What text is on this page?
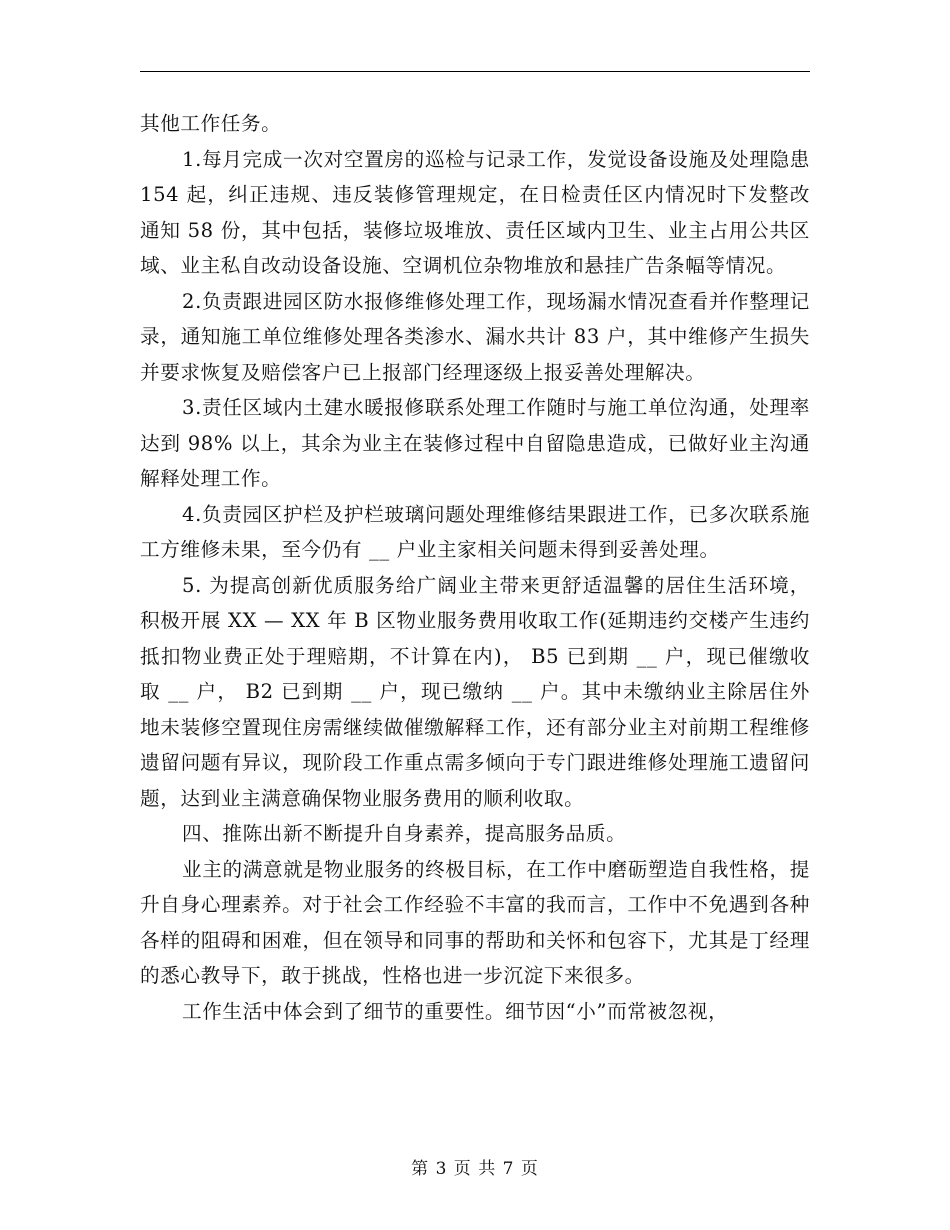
其他工作任务。

1.每月完成一次对空置房的巡检与记录工作，发觉设备设施及处理隐患 154 起，纠正违规、违反装修管理规定，在日检责任区内情况时下发整改通知 58 份，其中包括，装修垃圾堆放、责任区域内卫生、业主占用公共区域、业主私自改动设备设施、空调机位杂物堆放和悬挂广告条幅等情况。

2.负责跟进园区防水报修维修处理工作，现场漏水情况查看并作整理记录，通知施工单位维修处理各类渗水、漏水共计 83 户，其中维修产生损失并要求恢复及赔偿客户已上报部门经理逐级上报妥善处理解决。

3.责任区域内土建水暖报修联系处理工作随时与施工单位沟通，处理率达到 98% 以上，其余为业主在装修过程中自留隐患造成，已做好业主沟通解释处理工作。

4.负责园区护栏及护栏玻璃问题处理维修结果跟进工作，已多次联系施工方维修未果，至今仍有 __ 户业主家相关问题未得到妥善处理。

5. 为提高创新优质服务给广阔业主带来更舒适温馨的居住生活环境，积极开展 XX — XX 年 B 区物业服务费用收取工作(延期违约交楼产生违约抵扣物业费正处于理赔期，不计算在内)， B5 已到期 __ 户，现已催缴收取 __ 户， B2 已到期 __ 户，现已缴纳 __ 户。其中未缴纳业主除居住外地未装修空置现住房需继续做催缴解释工作，还有部分业主对前期工程维修遗留问题有异议，现阶段工作重点需多倾向于专门跟进维修处理施工遗留问题，达到业主满意确保物业服务费用的顺利收取。

四、推陈出新不断提升自身素养，提高服务品质。

业主的满意就是物业服务的终极目标，在工作中磨砺塑造自我性格，提升自身心理素养。对于社会工作经验不丰富的我而言，工作中不免遇到各种各样的阻碍和困难，但在领导和同事的帮助和关怀和包容下，尤其是丁经理的悉心教导下，敢于挑战，性格也进一步沉淀下来很多。

工作生活中体会到了细节的重要性。细节因“小”而常被忽视，

第 3 页 共 7 页
